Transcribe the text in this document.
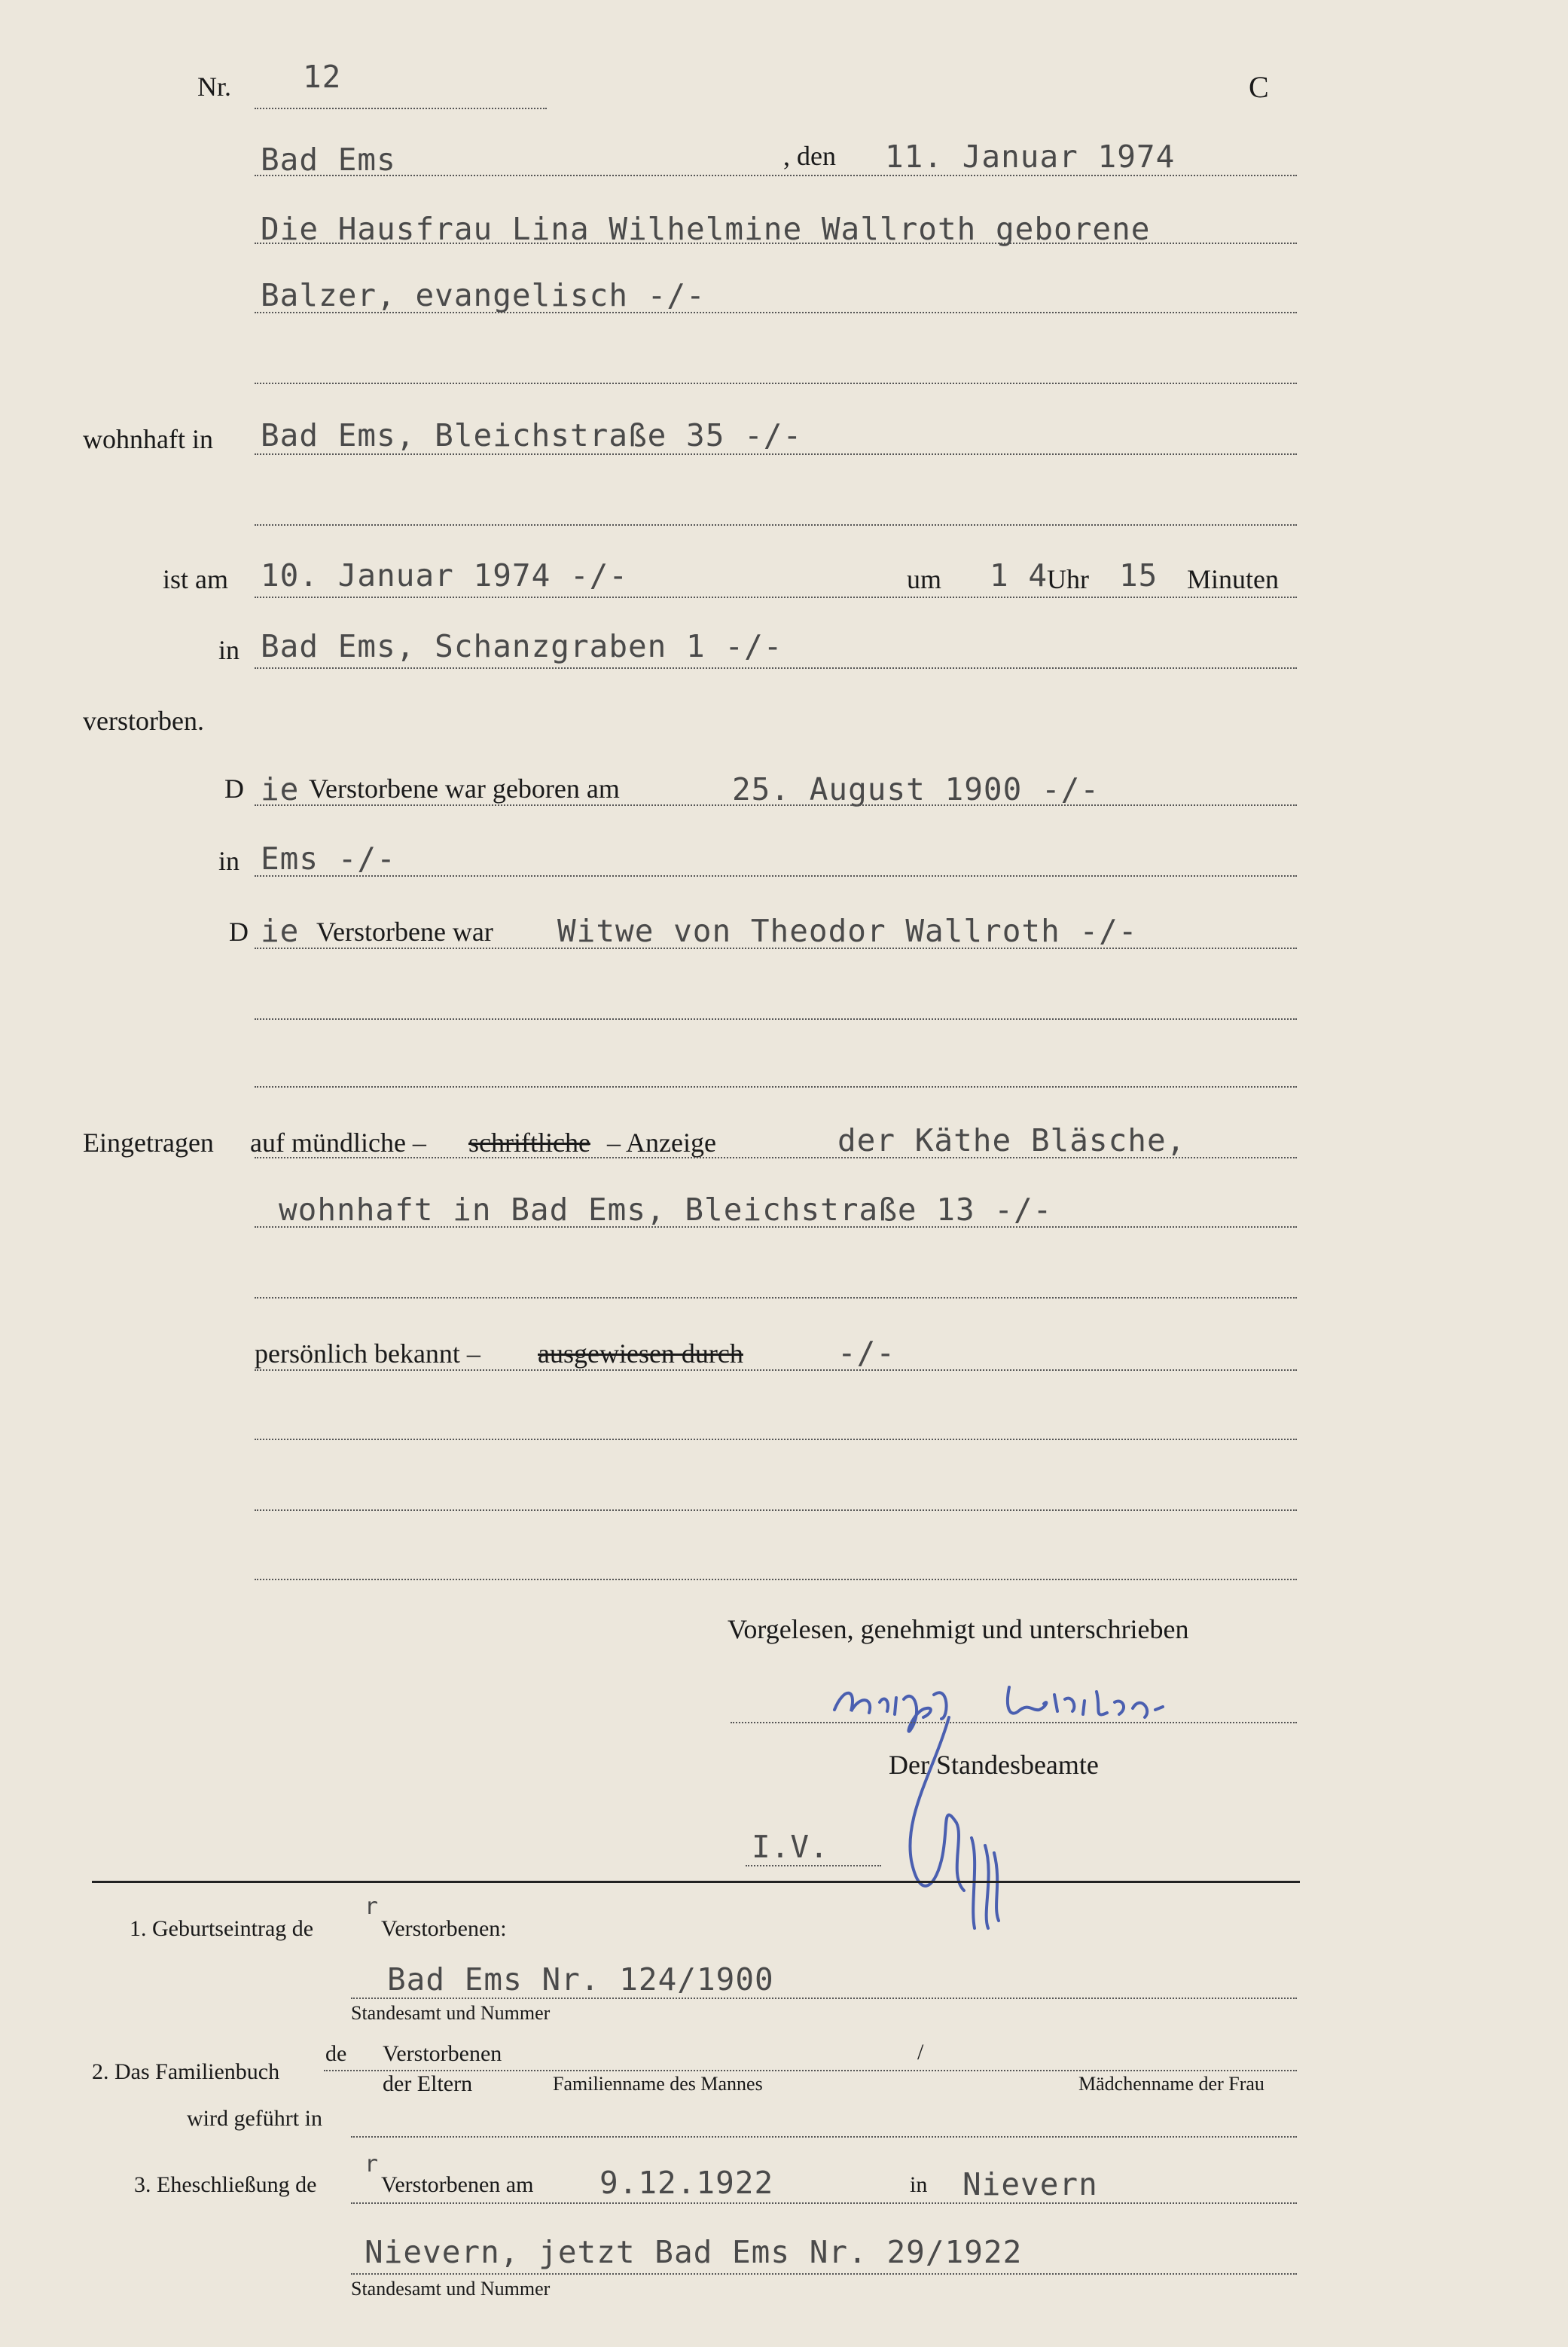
Nr. 12	C
Bad Ems	, den 11. Januar 1974
Die Hausfrau Lina Wilhelmine Wallroth geborene
Balzer, evangelisch -/-
wohnhaft in Bad Ems, Bleichstraße 35 -/-
ist am 10. Januar 1974 -/-	um 1 4
Uhr 15 Minuten
in Bad Ems, Schanzgraben 1 -/-
verstorben.
D ie Verstorbene war geboren am	25. August 1900 -/-
in Ems -/-
D ie Verstorbene war Witwe von Theodor Wallroth -/-
Eingetragen auf mündliche – schriftliche – Anzeige	der Käthe Bläsche,
wohnhaft in Bad Ems, Bleichstraße 13 -/-
persönlich bekannt – ausgewiesen durch	-/-
Vorgelesen, genehmigt und unterschrieben
Der Standesbeamte
I.V.
1. Geburtseintrag de
r
Verstorbenen:
Bad Ems Nr. 124/1900
Standesamt und Nummer
de Verstorbenen
2. Das Familienbuch
/
der Eltern	Familienname des Mannes	Mädchenname der Frau
wird geführt in
3. Eheschließung de
r
Verstorbenen am 9.12.1922	in Nievern
Nievern, jetzt Bad Ems Nr. 29/1922
Standesamt und Nummer
